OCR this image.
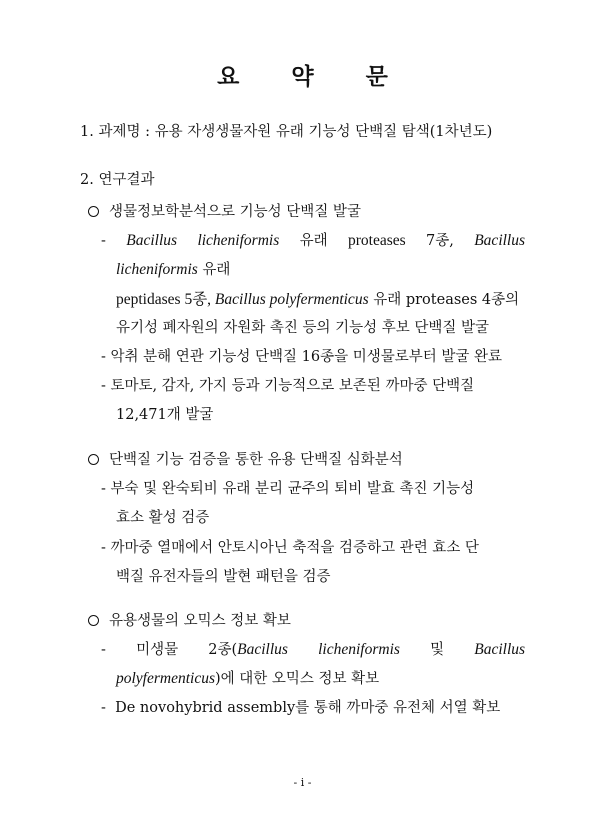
요 약 문
1. 과제명 : 유용 자생생물자원 유래 기능성 단백질 탐색(1차년도)
2. 연구결과
생물정보학분석으로 기능성 단백질 발굴
- Bacillus licheniformis 유래 proteases 7종, Bacillus
licheniformis 유래
peptidases 5종, Bacillus polyfermenticus 유래 proteases 4종의
유기성 폐자원의 자원화 촉진 등의 기능성 후보 단백질 발굴
- 악취 분해 연관 기능성 단백질 16종을 미생물로부터 발굴 완료
- 토마토, 감자, 가지 등과 기능적으로 보존된 까마중 단백질
12,471개 발굴
단백질 기능 검증을 통한 유용 단백질 심화분석
- 부숙 및 완숙퇴비 유래 분리 균주의 퇴비 발효 촉진 기능성
효소 활성 검증
- 까마중 열매에서 안토시아닌 축적을 검증하고 관련 효소 단
백질 유전자들의 발현 패턴을 검증
유용생물의 오믹스 정보 확보
- 미생물 2종(Bacillus licheniformis 및 Bacillus
polyfermenticus)에 대한 오믹스 정보 확보
-  De novohybrid assembly를 통해 까마중 유전체 서열 확보
- i -
